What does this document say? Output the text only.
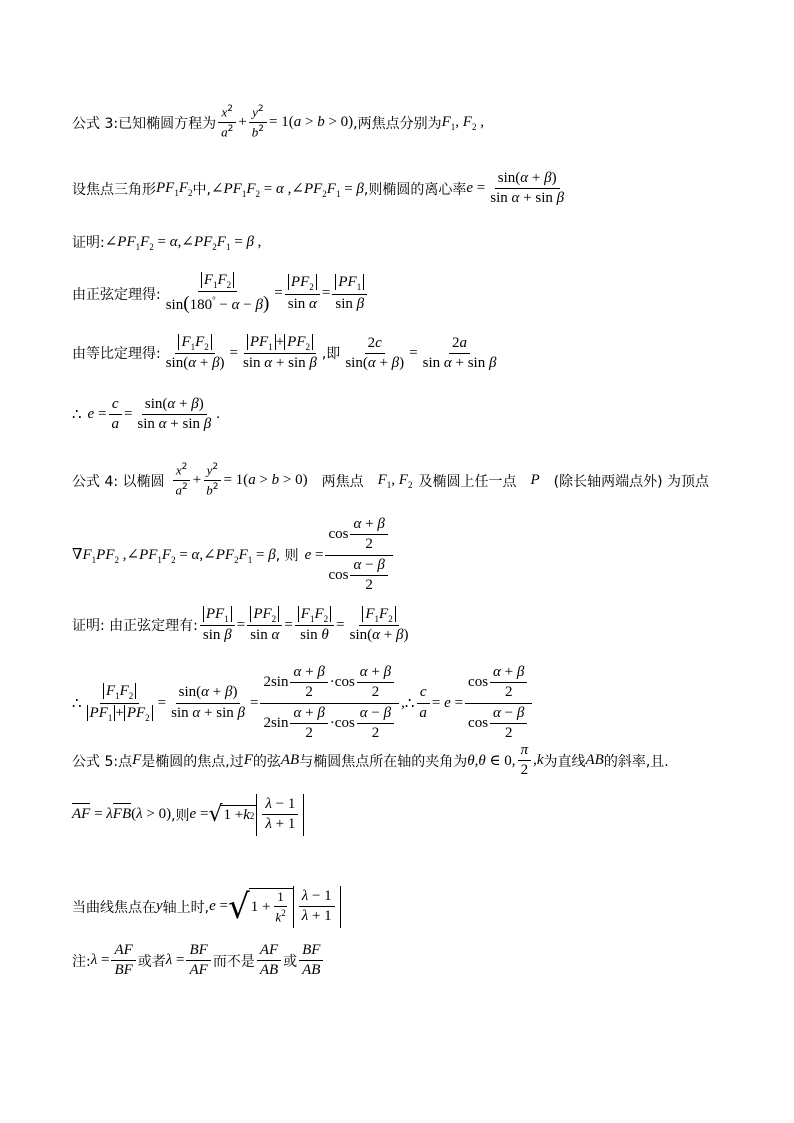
公式 3:已知椭圆方程为 $\frac{x^2}{a^2} + \frac{y^2}{b^2} = 1(a > b > 0)$ ,两焦点分别为 $F_1$, $F_2$ ,
设焦点三角形 $PF_1F_2$ 中, $\angle PF_1F_2 = \alpha$ $,\angle PF_2F_1 = \beta$ ,则椭圆的离心率 $e = \frac{\sin(\alpha + \beta)}{\text{sin α + sin β}}$
证明: $\angle PF_1F_2$ = $\alpha,\angle PF_2F_1 = \beta$ ,
由正弦定理得: $\frac{F_1F_2}{\sin(180^\circ - \alpha - \beta)} = \frac{PF_2}{\text{sin α}} = \frac{PF_1}{\text{sin β}}$
由等比定理得: $\frac{F_1F_2}{\sin(\alpha + \beta)} = \frac{PF_1 + PF_2}{\text{sin α + sin β}}$ ,即 $\frac{2c}{\sin(\alpha + \beta)} = \frac{2a}{\text{sin α + sin β}}$
∴ $e = \frac{c}{a} = \frac{\sin(\alpha + \beta)}{\text{sin α + sin β}}$ .
公式 4: 以椭圆 $\frac{x^2}{a^2} + \frac{y^2}{b^2} = 1(a > b > 0)$ 两焦点 $F_1$, $F_2$ 及椭圆上任一点 P (除长轴两端点外) 为顶点
$\nabla F_1PF_2$ $,\angle PF_1F_2$ = $\alpha,\angle PF_2F_1 = \beta$ , 则 $e = \frac{\cos \frac{\alpha + \beta}{2}}{\cos \frac{\alpha - \beta}{2}}$
证明: 由正弦定理有: $\frac{PF_1}{\text{sin β}} = \frac{PF_2}{\text{sin α}} = \frac{F_1F_2}{\text{sin θ}} = \frac{F_1F_2}{\sin(\alpha + \beta)}$
∴ $\frac{F_1F_2}{PF_1 + PF_2} = \frac{\sin(\alpha + \beta)}{\text{sin α + sin β}} = \frac{2\sin \frac{\alpha + \beta}{2} \cdot\cos \frac{\alpha + \beta}{2}}{2\sin \frac{\alpha + \beta}{2} \cdot\cos \frac{\alpha - \beta}{2}}$ , ∴ $\frac{c}{a} = e = \frac{\cos \frac{\alpha + \beta}{2}}{\cos \frac{\alpha - \beta}{2}}$
公式 5:点 F 是椭圆的焦点,过 F 的弦 AB 与椭圆焦点所在轴的夹角为 θ,θ ∈ 0, $\frac{\pi}{2} ,k$ 为直线 AB 的斜率,且.
AF = λFB(λ > 0) ,则 e = √ 1 + k $2 \frac{\lambda - 1}{\lambda + 1}$
当曲线焦点在 y 轴上时, e = √ $1 + \frac{1}{k^2} \frac{\lambda - 1}{\lambda + 1}$
注: $\lambda = \frac{AF}{BF}$ 或者 $\lambda = \frac{BF}{AF}$ 而不是 $\frac{AF}{AB}$ 或 $\frac{BF}{AB}$
